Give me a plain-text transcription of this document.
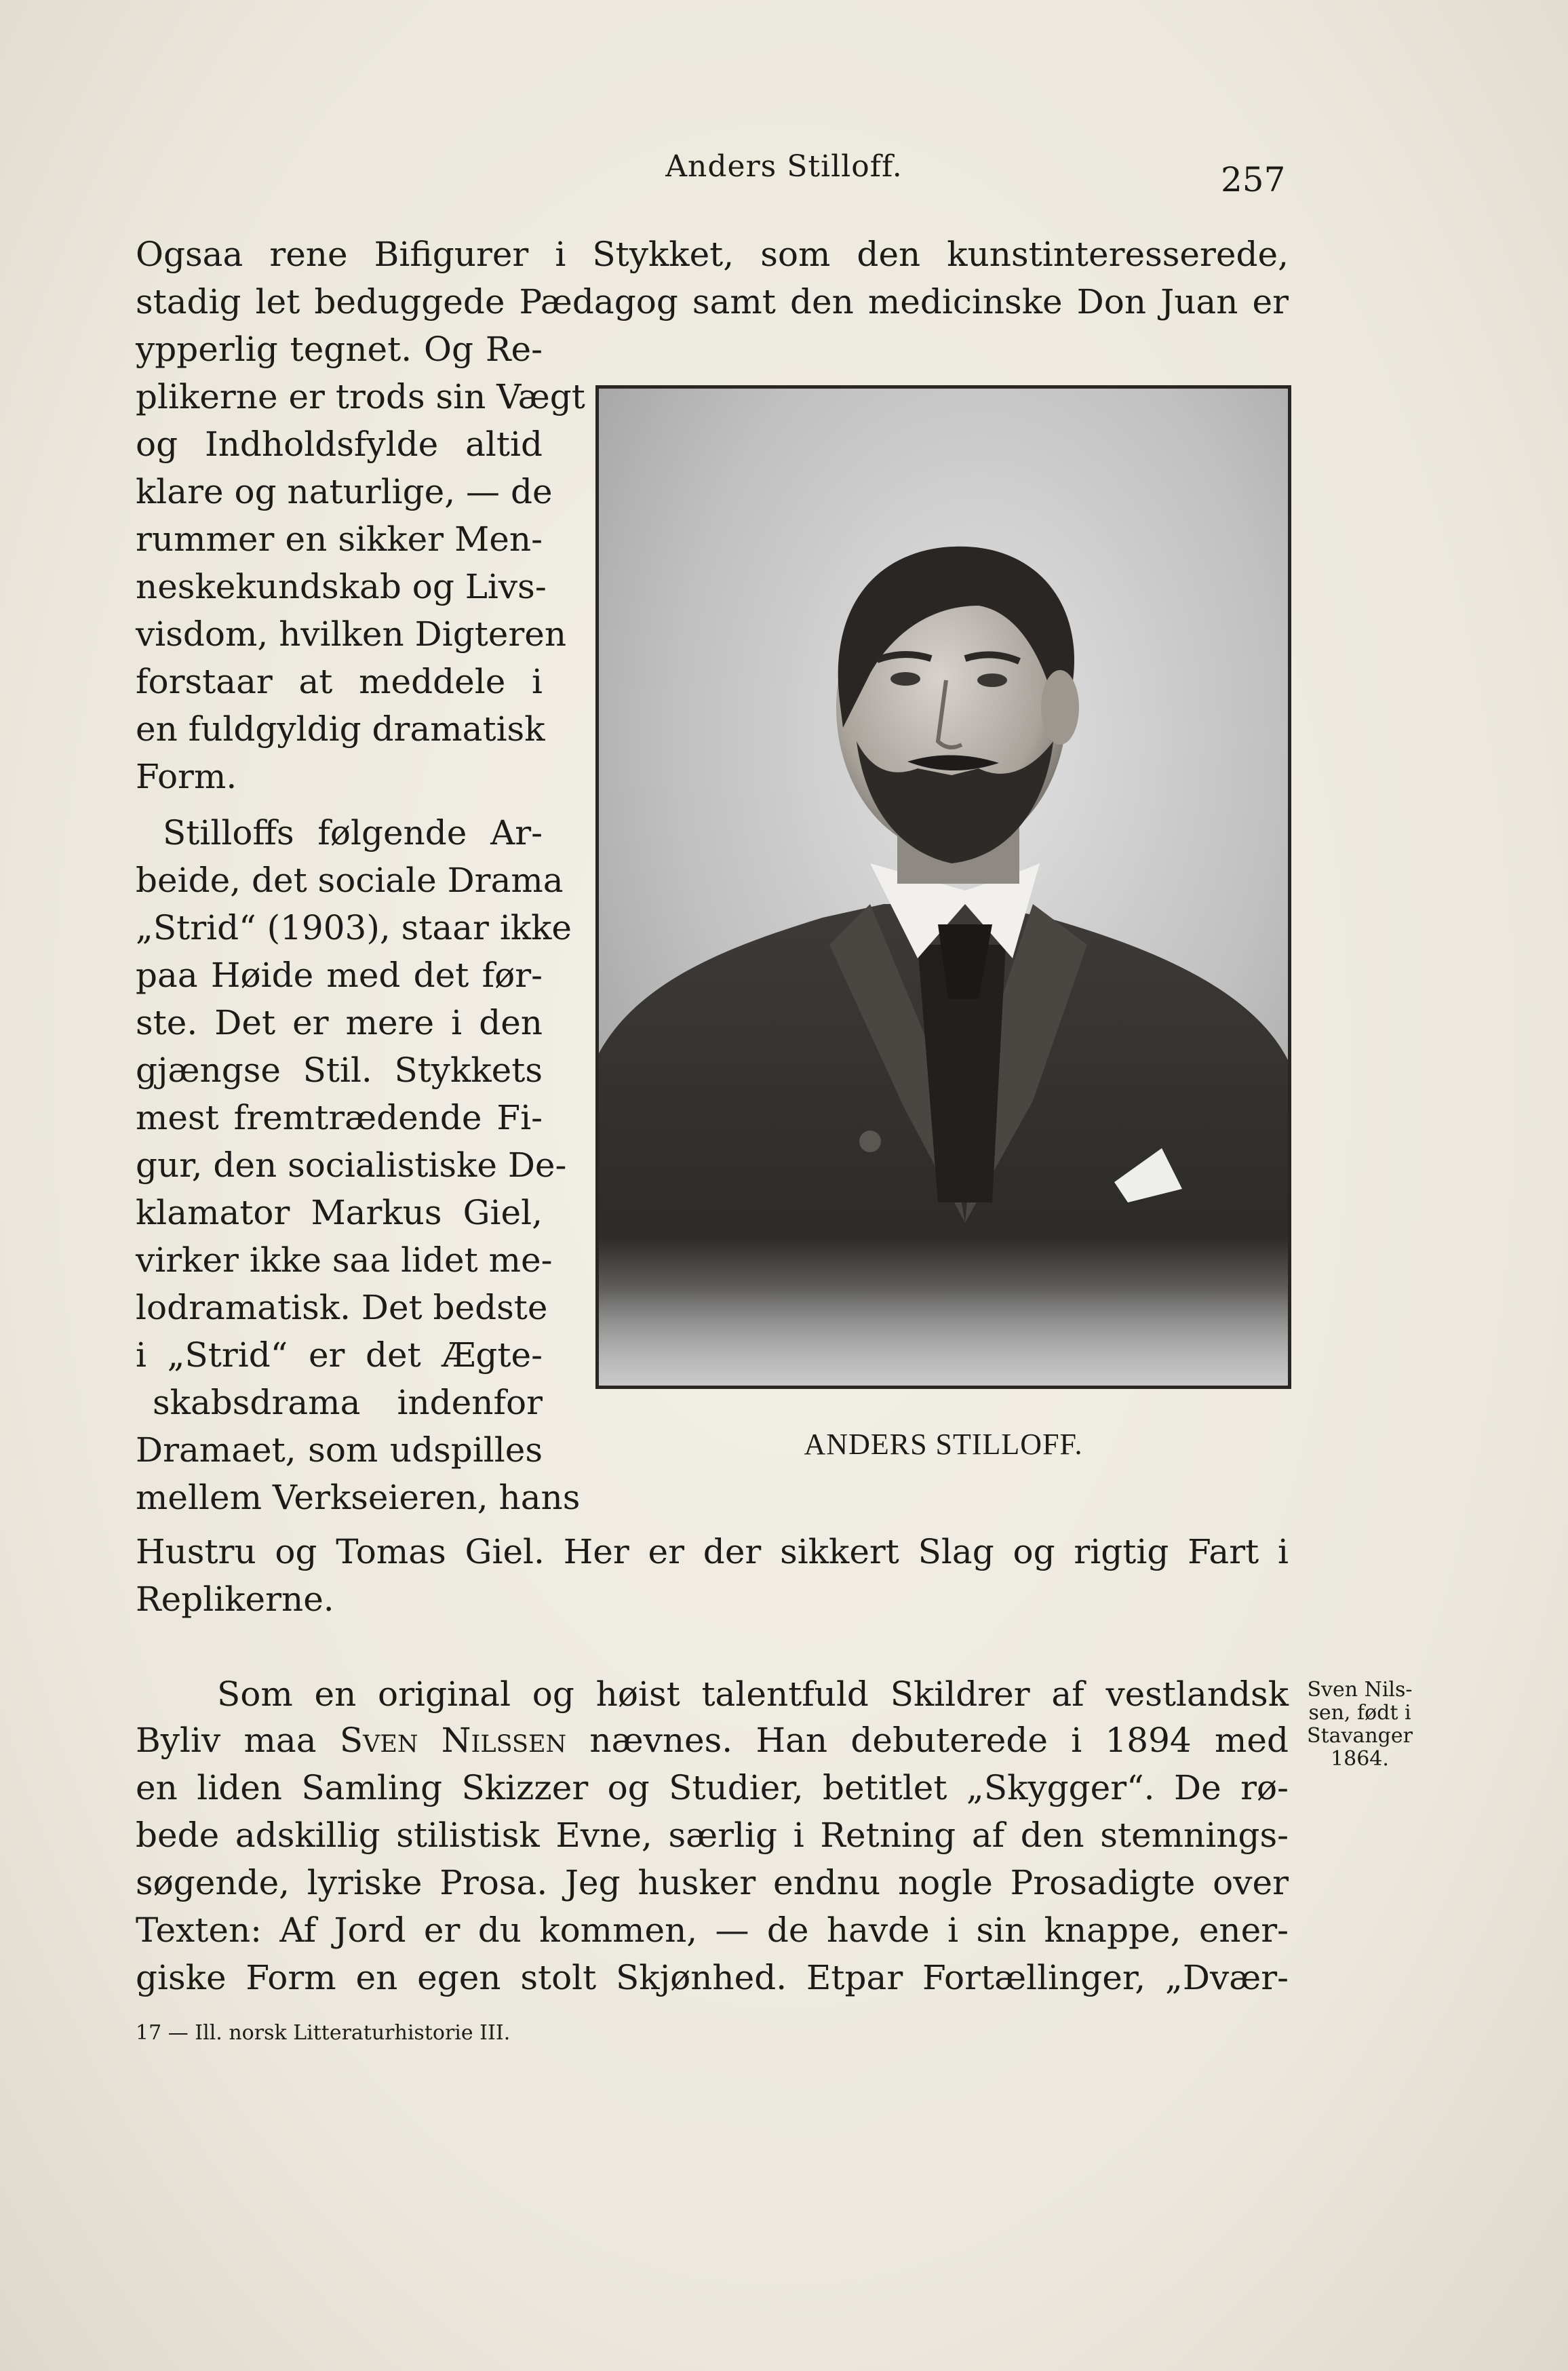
Anders Stilloff.	257
Ogsaa rene Bifigurer i Stykket, som den kunstinteresserede,
stadig let beduggede Pædagog samt den medicinske Don Juan er
ypperlig tegnet. Og Re-
plikerne er trods sin Vægt
og Indholdsfylde altid
klare og naturlige, — de
rummer en sikker Men-
neskekundskab og Livs-
visdom, hvilken Digteren
forstaar at meddele i
en fuldgyldig dramatisk
Form.
Stilloffs følgende Ar-
beide, det sociale Drama
„Strid“ (1903), staar ikke
paa Høide med det før-
ste. Det er mere i den
gjængse Stil. Stykkets
mest fremtrædende Fi-
gur, den socialistiske De-
klamator Markus Giel,
virker ikke saa lidet me-
lodramatisk. Det bedste
i „Strid“ er det Ægte-
skabsdrama indenfor
Dramaet, som udspilles
mellem Verkseieren, hans
Hustru og Tomas Giel. Her er der sikkert Slag og rigtig Fart i
Replikerne.
ANDERS STILLOFF.
Som en original og høist talentfuld Skildrer af vestlandsk
Byliv maa Sven Nilssen nævnes. Han debuterede i 1894 med
en liden Samling Skizzer og Studier, betitlet „Skygger“. De rø-
bede adskillig stilistisk Evne, særlig i Retning af den stemnings-
søgende, lyriske Prosa. Jeg husker endnu nogle Prosadigte over
Texten: Af Jord er du kommen, — de havde i sin knappe, ener-
giske Form en egen stolt Skjønhed. Etpar Fortællinger, „Dvær-
Sven Nils-
sen, født i
Stavanger
1864.
17 — Ill. norsk Litteraturhistorie III.
